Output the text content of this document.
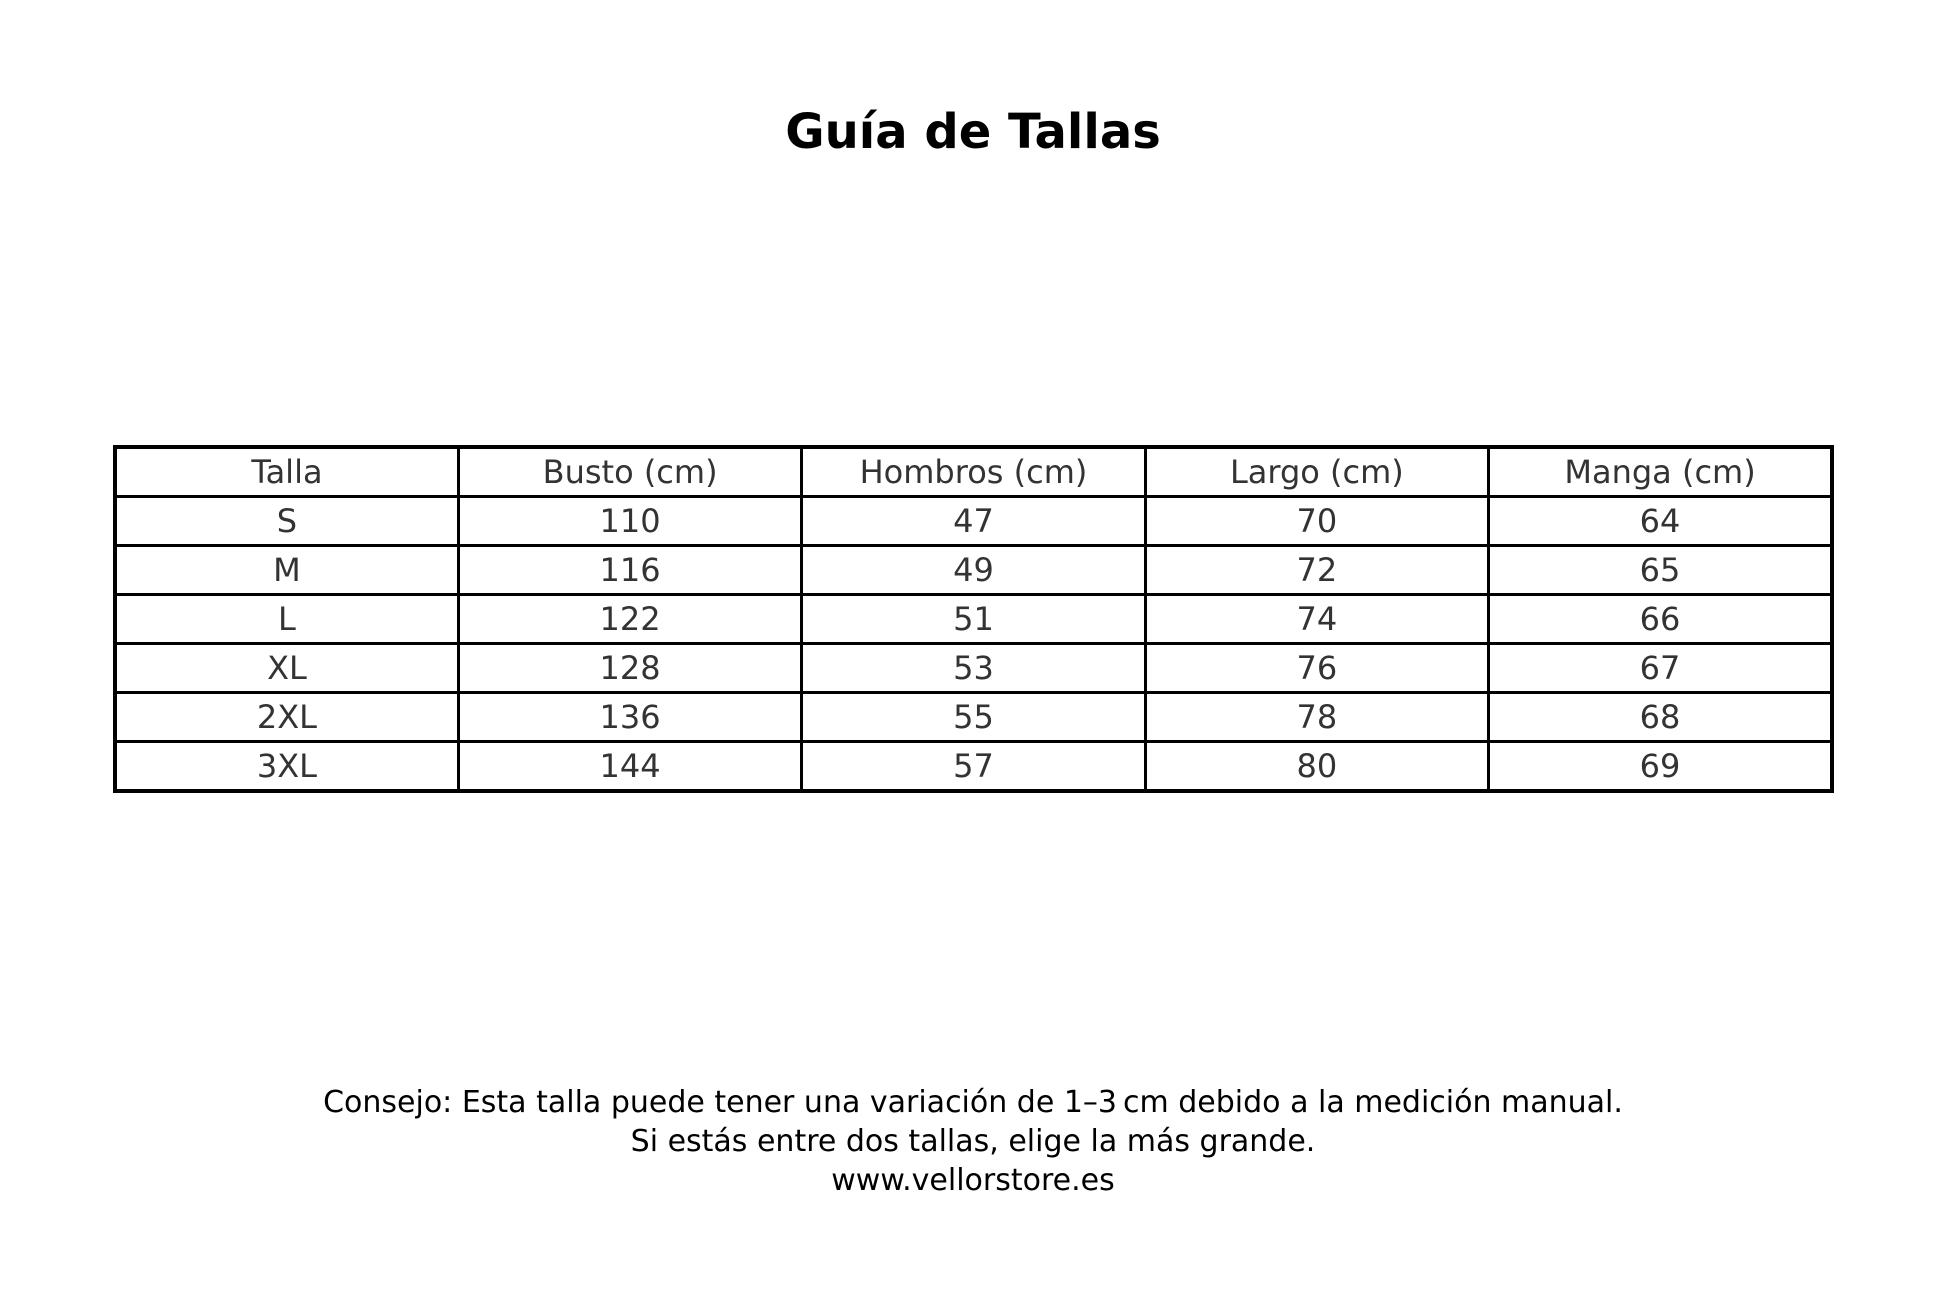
Guía de Tallas
Talla	Busto (cm)	Hombros (cm)	Largo (cm)	Manga (cm)
S	110	47	70	64
M	116	49	72	65
L	122	51	74	66
XL	128	53	76	67
2XL	136	55	78	68
3XL	144	57	80	69
Consejo: Esta talla puede tener una variación de 1–3 cm debido a la medición manual.
Si estás entre dos tallas, elige la más grande.
www.vellorstore.es
